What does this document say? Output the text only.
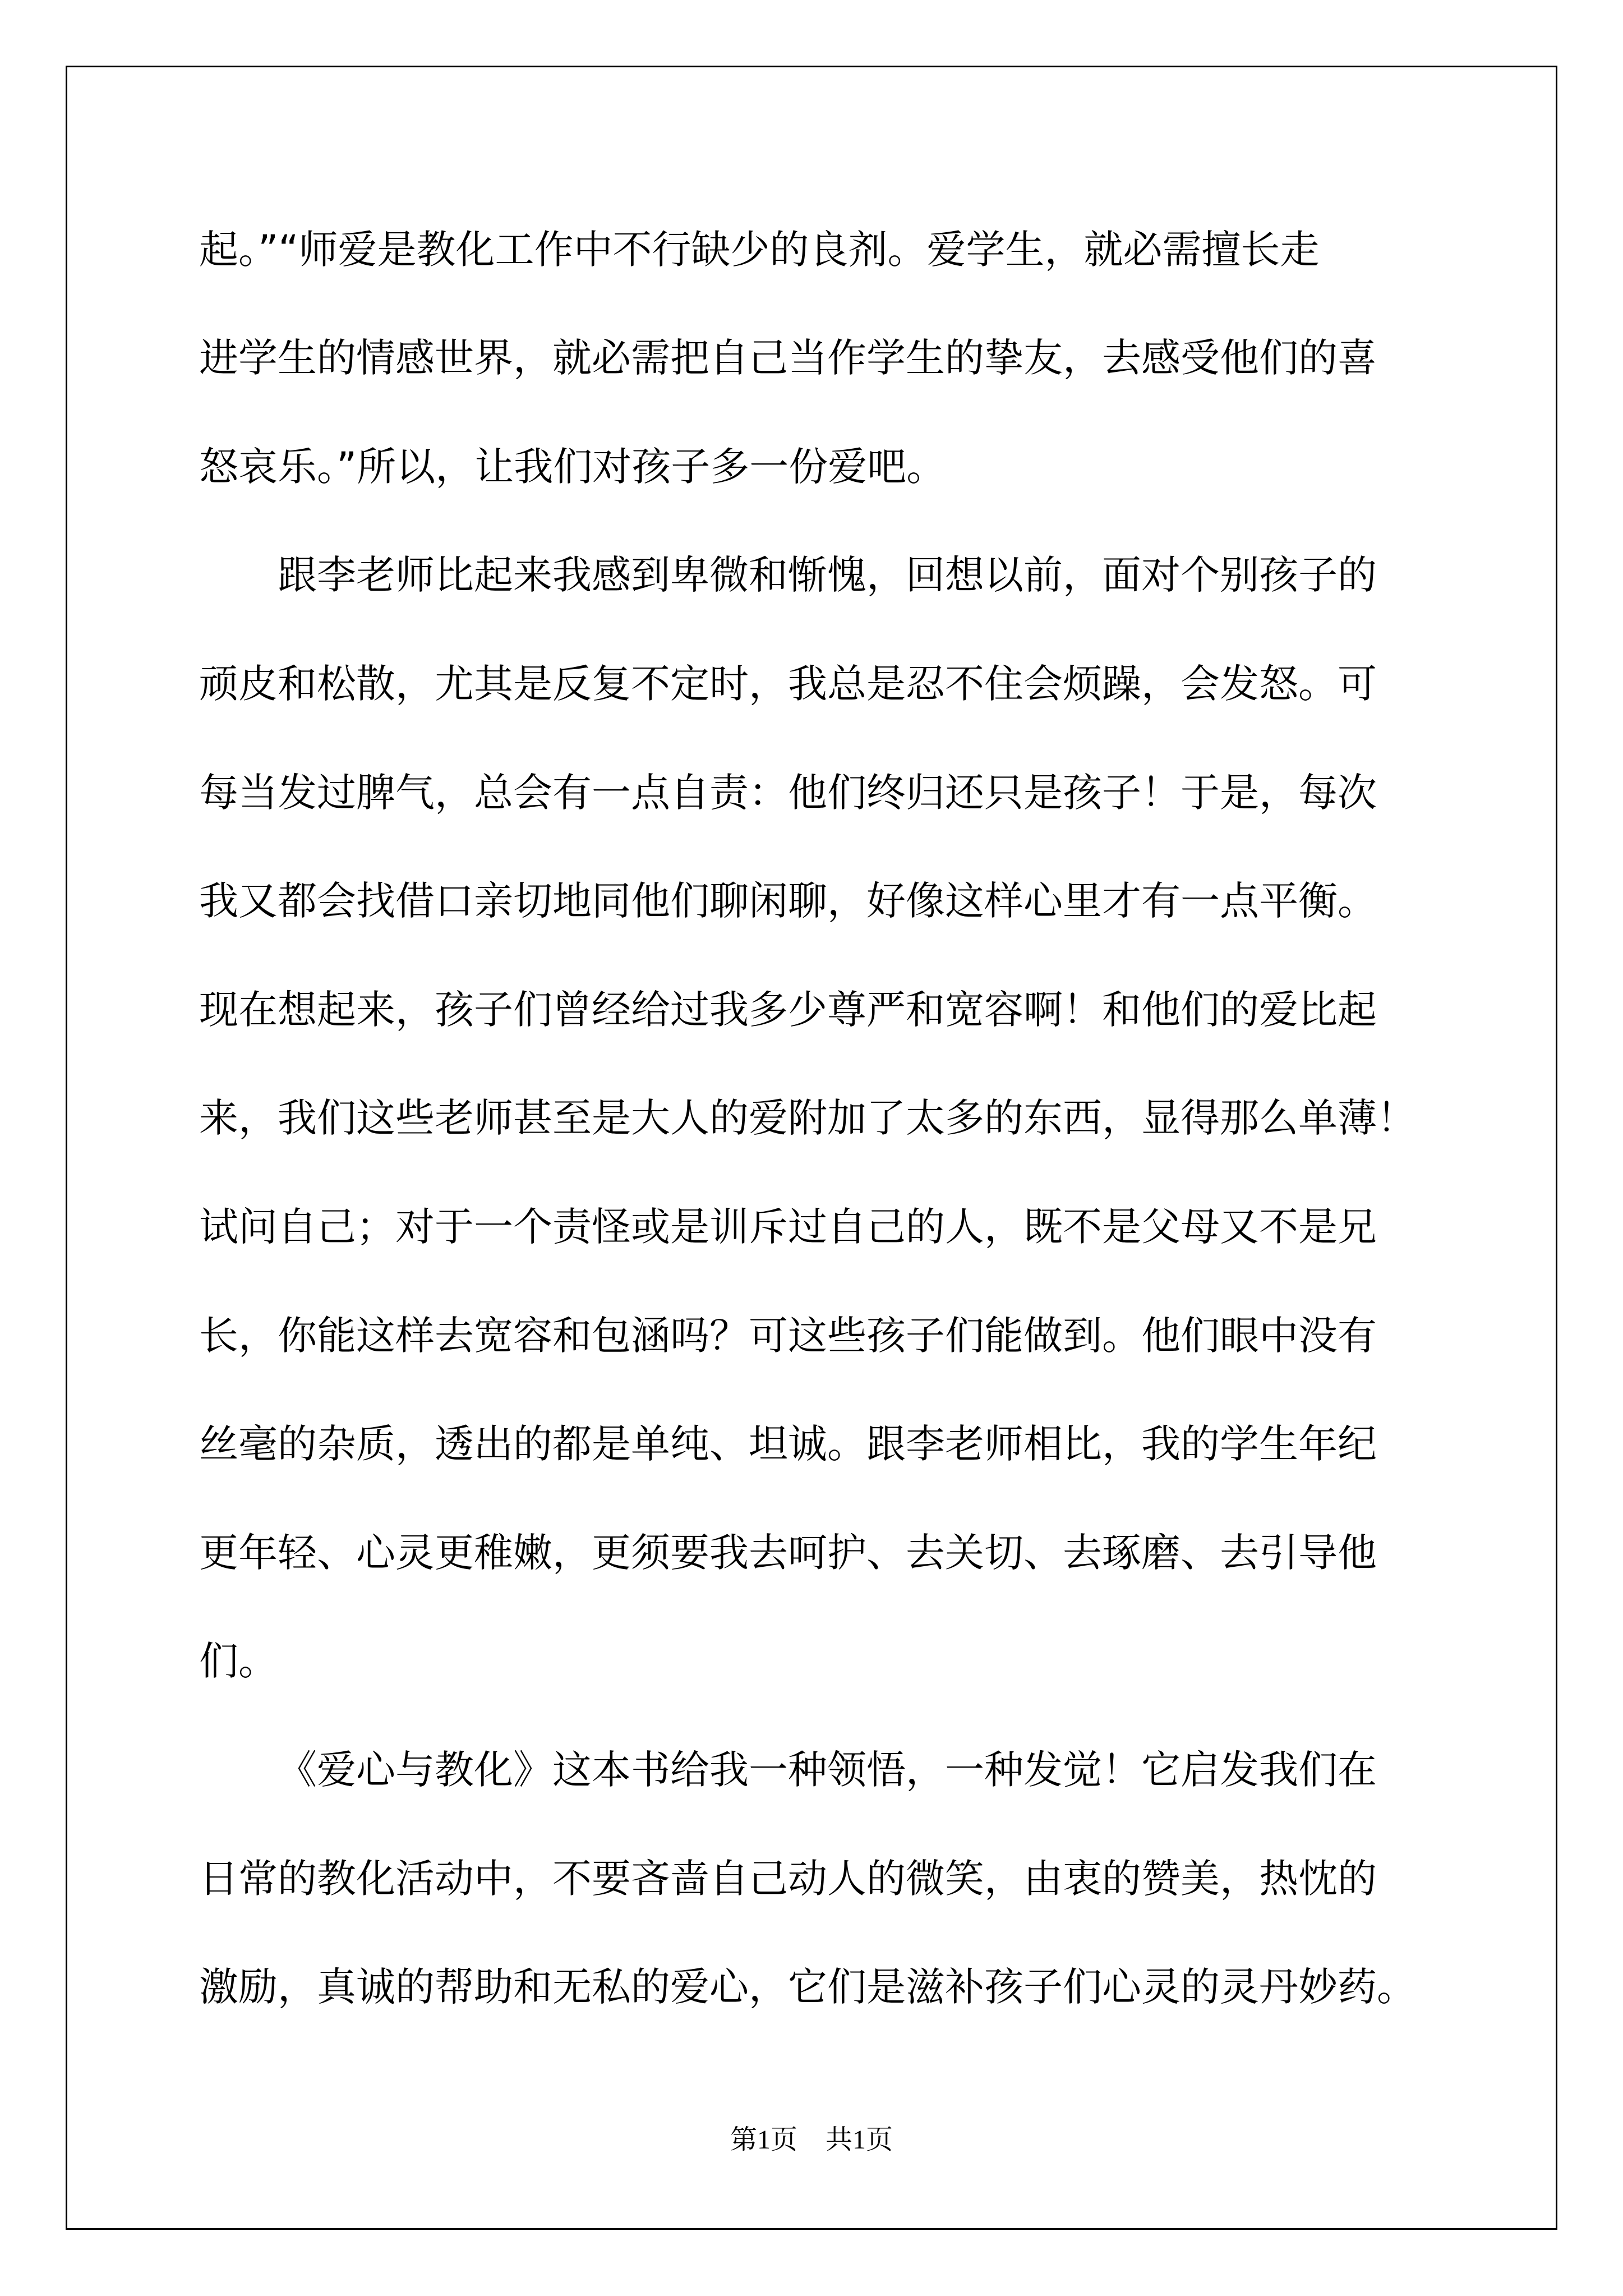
起。”“师爱是教化工作中不行缺少的良剂。爱学生，就必需擅长走
进学生的情感世界，就必需把自己当作学生的挚友，去感受他们的喜
怒哀乐。”所以，让我们对孩子多一份爱吧。
跟李老师比起来我感到卑微和惭愧，回想以前，面对个别孩子的
顽皮和松散，尤其是反复不定时，我总是忍不住会烦躁，会发怒。可
每当发过脾气，总会有一点自责：他们终归还只是孩子！于是，每次
我又都会找借口亲切地同他们聊闲聊，好像这样心里才有一点平衡。
现在想起来，孩子们曾经给过我多少尊严和宽容啊！和他们的爱比起
来，我们这些老师甚至是大人的爱附加了太多的东西，显得那么单薄！
试问自己；对于一个责怪或是训斥过自己的人，既不是父母又不是兄
长，你能这样去宽容和包涵吗？可这些孩子们能做到。他们眼中没有
丝毫的杂质，透出的都是单纯、坦诚。跟李老师相比，我的学生年纪
更年轻、心灵更稚嫩，更须要我去呵护、去关切、去琢磨、去引导他
们。
《爱心与教化》这本书给我一种领悟，一种发觉！它启发我们在
日常的教化活动中，不要吝啬自己动人的微笑，由衷的赞美，热忱的
激励，真诚的帮助和无私的爱心，它们是滋补孩子们心灵的灵丹妙药。
第1页 共1页
